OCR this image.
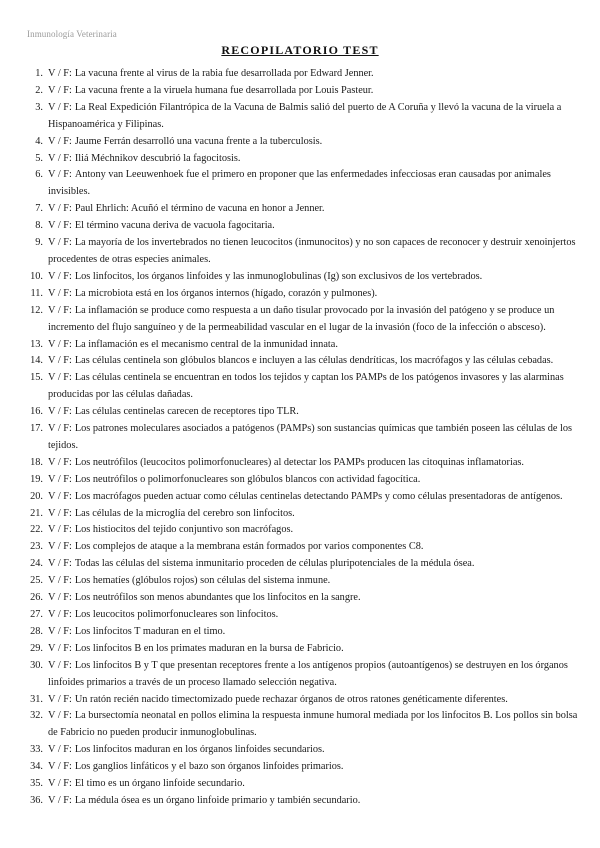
Inmunología Veterinaria
RECOPILATORIO TEST
1. V / F: La vacuna frente al virus de la rabia fue desarrollada por Edward Jenner.
2. V / F: La vacuna frente a la viruela humana fue desarrollada por Louis Pasteur.
3. V / F: La Real Expedición Filantrópica de la Vacuna de Balmis salió del puerto de A Coruña y llevó la vacuna de la viruela a Hispanoamérica y Filipinas.
4. V / F: Jaume Ferrán desarrolló una vacuna frente a la tuberculosis.
5. V / F: Iliá Méchnikov descubrió la fagocitosis.
6. V / F: Antony van Leeuwenhoek fue el primero en proponer que las enfermedades infecciosas eran causadas por animales invisibles.
7. V / F: Paul Ehrlich: Acuñó el término de vacuna en honor a Jenner.
8. V / F: El término vacuna deriva de vacuola fagocitaria.
9. V / F: La mayoría de los invertebrados no tienen leucocitos (inmunocitos) y no son capaces de reconocer y destruir xenoinjertos procedentes de otras especies animales.
10. V / F: Los linfocitos, los órganos linfoides y las inmunoglobulinas (Ig) son exclusivos de los vertebrados.
11. V / F: La microbiota está en los órganos internos (hígado, corazón y pulmones).
12. V / F: La inflamación se produce como respuesta a un daño tisular provocado por la invasión del patógeno y se produce un incremento del flujo sanguíneo y de la permeabilidad vascular en el lugar de la invasión (foco de la infección o absceso).
13. V / F: La inflamación es el mecanismo central de la inmunidad innata.
14. V / F: Las células centinela son glóbulos blancos e incluyen a las células dendríticas, los macrófagos y las células cebadas.
15. V / F: Las células centinela se encuentran en todos los tejidos y captan los PAMPs de los patógenos invasores y las alarminas producidas por las células dañadas.
16. V / F: Las células centinelas carecen de receptores tipo TLR.
17. V / F: Los patrones moleculares asociados a patógenos (PAMPs) son sustancias químicas que también poseen las células de los tejidos.
18. V / F: Los neutrófilos (leucocitos polimorfonucleares) al detectar los PAMPs producen las citoquinas inflamatorias.
19. V / F: Los neutrófilos o polimorfonucleares son glóbulos blancos con actividad fagocítica.
20. V / F: Los macrófagos pueden actuar como células centinelas detectando PAMPs y como células presentadoras de antígenos.
21. V / F: Las células de la microglía del cerebro son linfocitos.
22. V / F: Los histiocitos del tejido conjuntivo son macrófagos.
23. V / F: Los complejos de ataque a la membrana están formados por varios componentes C8.
24. V / F: Todas las células del sistema inmunitario proceden de células pluripotenciales de la médula ósea.
25. V / F: Los hematíes (glóbulos rojos) son células del sistema inmune.
26. V / F: Los neutrófilos son menos abundantes que los linfocitos en la sangre.
27. V / F: Los leucocitos polimorfonucleares son linfocitos.
28. V / F: Los linfocitos T maduran en el timo.
29. V / F: Los linfocitos B en los primates maduran en la bursa de Fabricio.
30. V / F: Los linfocitos B y T que presentan receptores frente a los antígenos propios (autoantígenos) se destruyen en los órganos linfoides primarios a través de un proceso llamado selección negativa.
31. V / F: Un ratón recién nacido timectomizado puede rechazar órganos de otros ratones genéticamente diferentes.
32. V / F: La bursectomía neonatal en pollos elimina la respuesta inmune humoral mediada por los linfocitos B. Los pollos sin bolsa de Fabricio no pueden producir inmunoglobulinas.
33. V / F: Los linfocitos maduran en los órganos linfoides secundarios.
34. V / F: Los ganglios linfáticos y el bazo son órganos linfoides primarios.
35. V / F: El timo es un órgano linfoide secundario.
36. V / F: La médula ósea es un órgano linfoide primario y también secundario.
